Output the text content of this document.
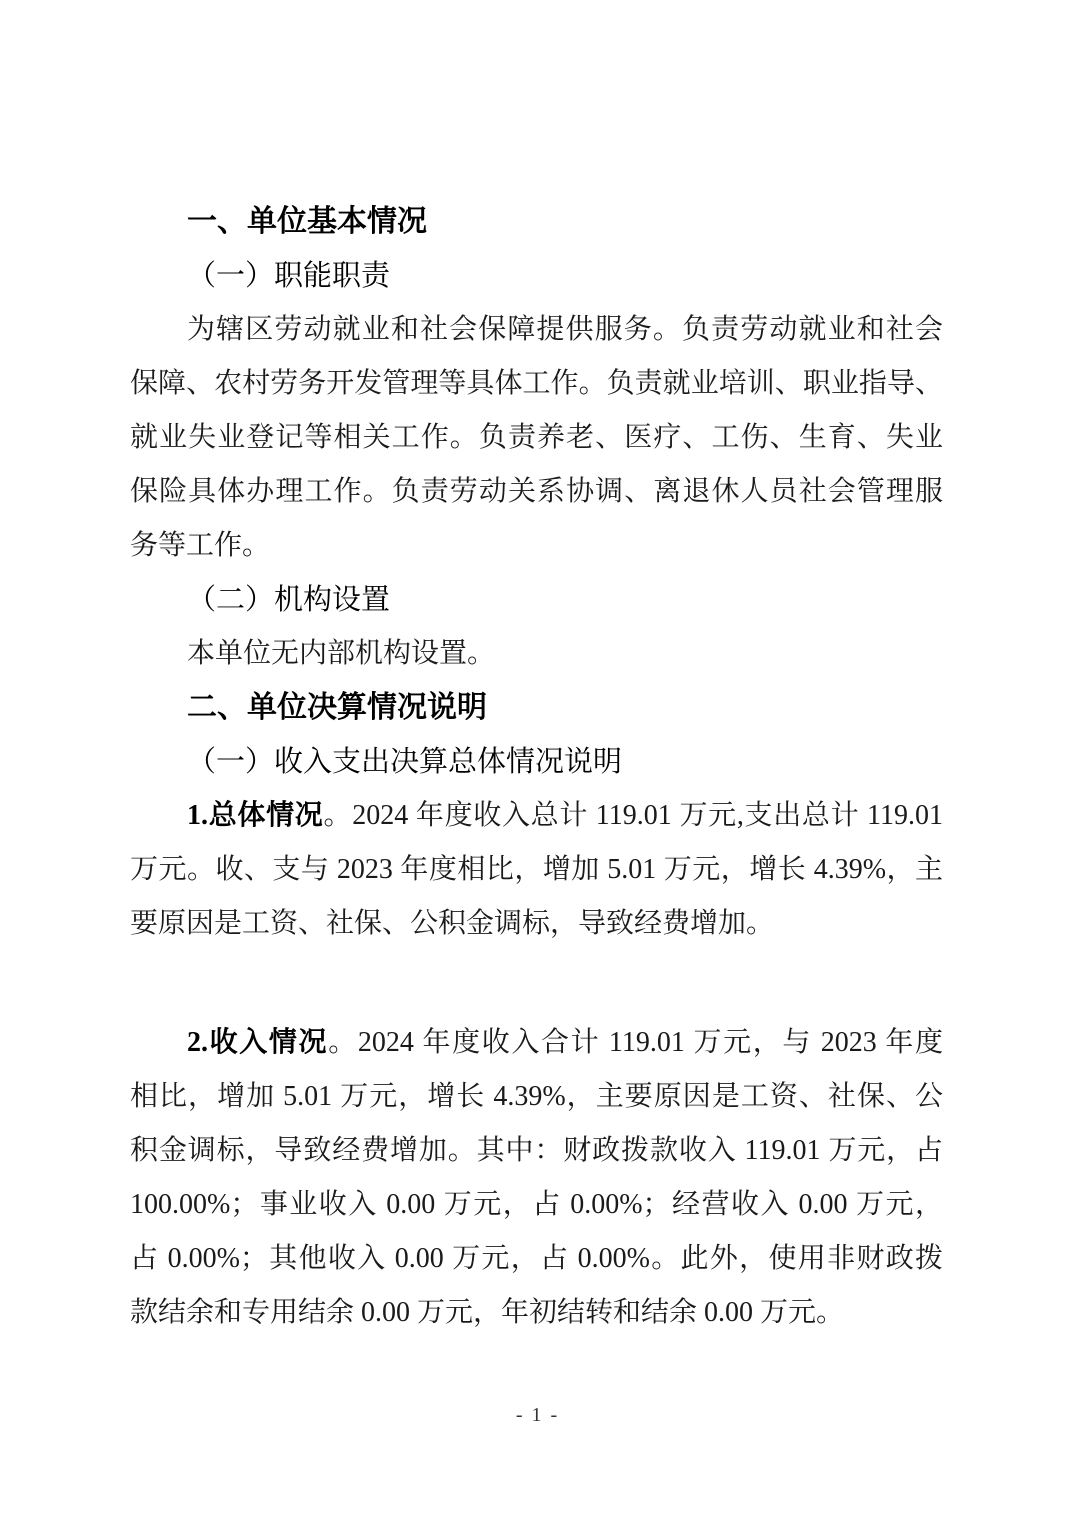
一、单位基本情况
（一）职能职责
为辖区劳动就业和社会保障提供服务。负责劳动就业和社会
保障、农村劳务开发管理等具体工作。负责就业培训、职业指导、
就业失业登记等相关工作。负责养老、医疗、工伤、生育、失业
保险具体办理工作。负责劳动关系协调、离退休人员社会管理服
务等工作。
（二）机构设置
本单位无内部机构设置。
二、单位决算情况说明
（一）收入支出决算总体情况说明
1.总体情况。2024 年度收入总计 119.01 万元,支出总计 119.01
万元。收、支与 2023 年度相比，增加 5.01 万元，增长 4.39%，主
要原因是工资、社保、公积金调标，导致经费增加。
2.收入情况。2024 年度收入合计 119.01 万元，与 2023 年度
相比，增加 5.01 万元，增长 4.39%，主要原因是工资、社保、公
积金调标，导致经费增加。其中：财政拨款收入 119.01 万元，占
100.00%；事业收入 0.00 万元，占 0.00%；经营收入 0.00 万元，
占 0.00%；其他收入 0.00 万元，占 0.00%。此外，使用非财政拨
款结余和专用结余 0.00 万元，年初结转和结余 0.00 万元。
- 1 -
